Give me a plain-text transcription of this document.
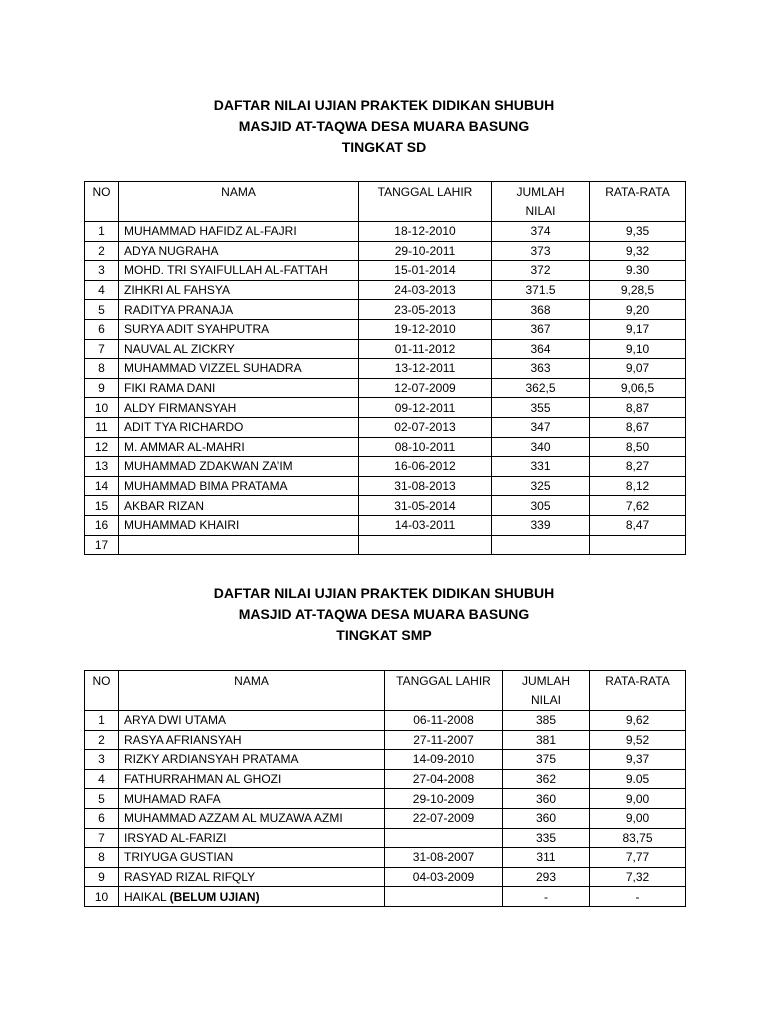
DAFTAR NILAI UJIAN PRAKTEK DIDIKAN SHUBUH
MASJID AT-TAQWA DESA MUARA BASUNG
TINGKAT SD
NO	NAMA	TANGGAL LAHIR	JUMLAH NILAI	RATA-RATA
1	MUHAMMAD HAFIDZ AL-FAJRI	18-12-2010	374	9,35
2	ADYA NUGRAHA	29-10-2011	373	9,32
3	MOHD. TRI SYAIFULLAH AL-FATTAH	15-01-2014	372	9.30
4	ZIHKRI AL FAHSYA	24-03-2013	371.5	9,28,5
5	RADITYA PRANAJA	23-05-2013	368	9,20
6	SURYA ADIT SYAHPUTRA	19-12-2010	367	9,17
7	NAUVAL AL ZICKRY	01-11-2012	364	9,10
8	MUHAMMAD VIZZEL SUHADRA	13-12-2011	363	9,07
9	FIKI RAMA DANI	12-07-2009	362,5	9,06,5
10	ALDY FIRMANSYAH	09-12-2011	355	8,87
11	ADIT TYA RICHARDO	02-07-2013	347	8,67
12	M. AMMAR AL-MAHRI	08-10-2011	340	8,50
13	MUHAMMAD ZDAKWAN ZA’IM	16-06-2012	331	8,27
14	MUHAMMAD BIMA PRATAMA	31-08-2013	325	8,12
15	AKBAR RIZAN	31-05-2014	305	7,62
16	MUHAMMAD KHAIRI	14-03-2011	339	8,47
17				
DAFTAR NILAI UJIAN PRAKTEK DIDIKAN SHUBUH
MASJID AT-TAQWA DESA MUARA BASUNG
TINGKAT SMP
NO	NAMA	TANGGAL LAHIR	JUMLAH NILAI	RATA-RATA
1	ARYA DWI UTAMA	06-11-2008	385	9,62
2	RASYA AFRIANSYAH	27-11-2007	381	9,52
3	RIZKY ARDIANSYAH PRATAMA	14-09-2010	375	9,37
4	FATHURRAHMAN AL GHOZI	27-04-2008	362	9.05
5	MUHAMAD RAFA	29-10-2009	360	9,00
6	MUHAMMAD AZZAM AL MUZAWA AZMI	22-07-2009	360	9,00
7	IRSYAD AL-FARIZI		335	83,75
8	TRIYUGA GUSTIAN	31-08-2007	311	7,77
9	RASYAD RIZAL RIFQLY	04-03-2009	293	7,32
10	HAIKAL (BELUM UJIAN)		-	-
